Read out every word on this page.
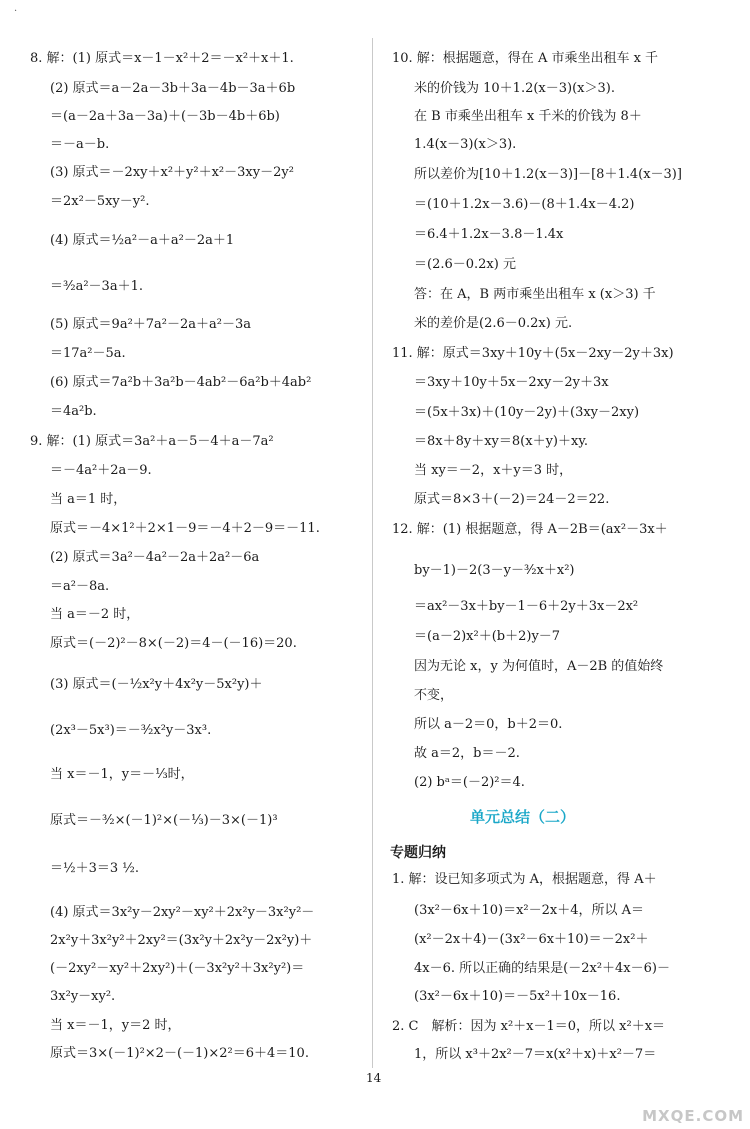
·
8. 解：(1) 原式＝x－1－x²＋2＝－x²＋x＋1.
(2) 原式＝a－2a－3b＋3a－4b－3a＋6b
＝(a－2a＋3a－3a)＋(－3b－4b＋6b)
＝－a－b.
(3) 原式＝－2xy＋x²＋y²＋x²－3xy－2y²
＝2x²－5xy－y².
(4) 原式＝½a²－a＋a²－2a＋1
＝³⁄₂a²－3a＋1.
(5) 原式＝9a²＋7a²－2a＋a²－3a
＝17a²－5a.
(6) 原式＝7a²b＋3a²b－4ab²－6a²b＋4ab²
＝4a²b.
9. 解：(1) 原式＝3a²＋a－5－4＋a－7a²
＝－4a²＋2a－9.
当 a＝1 时，
原式＝－4×1²＋2×1－9＝－4＋2－9＝－11.
(2) 原式＝3a²－4a²－2a＋2a²－6a
＝a²－8a.
当 a＝－2 时，
原式＝(－2)²－8×(－2)＝4－(－16)＝20.
(3) 原式＝(－½x²y＋4x²y－5x²y)＋
(2x³－5x³)＝－³⁄₂x²y－3x³.
当 x＝－1，y＝－⅓时，
原式＝－³⁄₂×(－1)²×(－⅓)－3×(－1)³
＝½＋3＝3 ½.
(4) 原式＝3x²y－2xy²－xy²＋2x²y－3x²y²－
2x²y＋3x²y²＋2xy²＝(3x²y＋2x²y－2x²y)＋
(－2xy²－xy²＋2xy²)＋(－3x²y²＋3x²y²)＝
3x²y－xy².
当 x＝－1，y＝2 时，
原式＝3×(－1)²×2－(－1)×2²＝6＋4＝10.
10. 解：根据题意，得在 A 市乘坐出租车 x 千
米的价钱为 10＋1.2(x－3)(x＞3).
在 B 市乘坐出租车 x 千米的价钱为 8＋
1.4(x－3)(x＞3).
所以差价为[10＋1.2(x－3)]－[8＋1.4(x－3)]
＝(10＋1.2x－3.6)－(8＋1.4x－4.2)
＝6.4＋1.2x－3.8－1.4x
＝(2.6－0.2x) 元
答：在 A，B 两市乘坐出租车 x (x＞3) 千
米的差价是(2.6－0.2x) 元.
11. 解：原式＝3xy＋10y＋(5x－2xy－2y＋3x)
＝3xy＋10y＋5x－2xy－2y＋3x
＝(5x＋3x)＋(10y－2y)＋(3xy－2xy)
＝8x＋8y＋xy＝8(x＋y)＋xy.
当 xy＝－2，x＋y＝3 时，
原式＝8×3＋(－2)＝24－2＝22.
12. 解：(1) 根据题意，得 A－2B＝(ax²－3x＋
by－1)－2(3－y－³⁄₂x＋x²)
＝ax²－3x＋by－1－6＋2y＋3x－2x²
＝(a－2)x²＋(b＋2)y－7
因为无论 x，y 为何值时，A－2B 的值始终
不变，
所以 a－2＝0，b＋2＝0.
故 a＝2，b＝－2.
(2) bᵃ＝(－2)²＝4.
单元总结（二）
专题归纳
1. 解：设已知多项式为 A，根据题意，得 A＋
(3x²－6x＋10)＝x²－2x＋4，所以 A＝
(x²－2x＋4)－(3x²－6x＋10)＝－2x²＋
4x－6. 所以正确的结果是(－2x²＋4x－6)－
(3x²－6x＋10)＝－5x²＋10x－16.
2. C　解析：因为 x²＋x－1＝0，所以 x²＋x＝
1，所以 x³＋2x²－7＝x(x²＋x)＋x²－7＝
14
MXQE.COM
